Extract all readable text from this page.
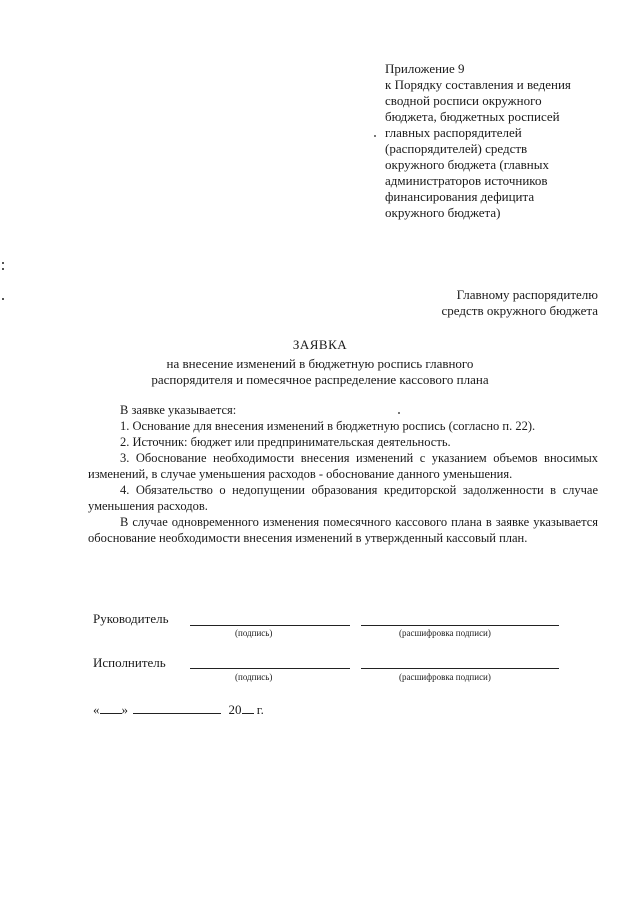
Приложение 9
к Порядку составления и ведения
сводной росписи окружного
бюджета, бюджетных росписей
главных распорядителей
(распорядителей) средств
окружного бюджета (главных
администраторов источников
финансирования дефицита
окружного бюджета)
Главному распорядителю
средств окружного бюджета
ЗАЯВКА
на внесение изменений в бюджетную роспись главного
распорядителя и помесячное распределение кассового плана

В заявке указывается:

1. Основание для внесения изменений в бюджетную роспись (согласно п. 22).

2. Источник: бюджет или предпринимательская деятельность.

3. Обоснование необходимости внесения изменений с указанием объемов вносимых изменений, в случае уменьшения расходов - обоснование данного уменьшения.

4. Обязательство о недопущении образования кредиторской задолженности в случае уменьшения расходов.

В случае одновременного изменения помесячного кассового плана в заявке указывается обоснование необходимости внесения изменений в утвержденный кассовый план.

Руководитель
(подпись)	(расшифровка подписи)
Исполнитель
(подпись)	(расшифровка подписи)
« »	20 г.
